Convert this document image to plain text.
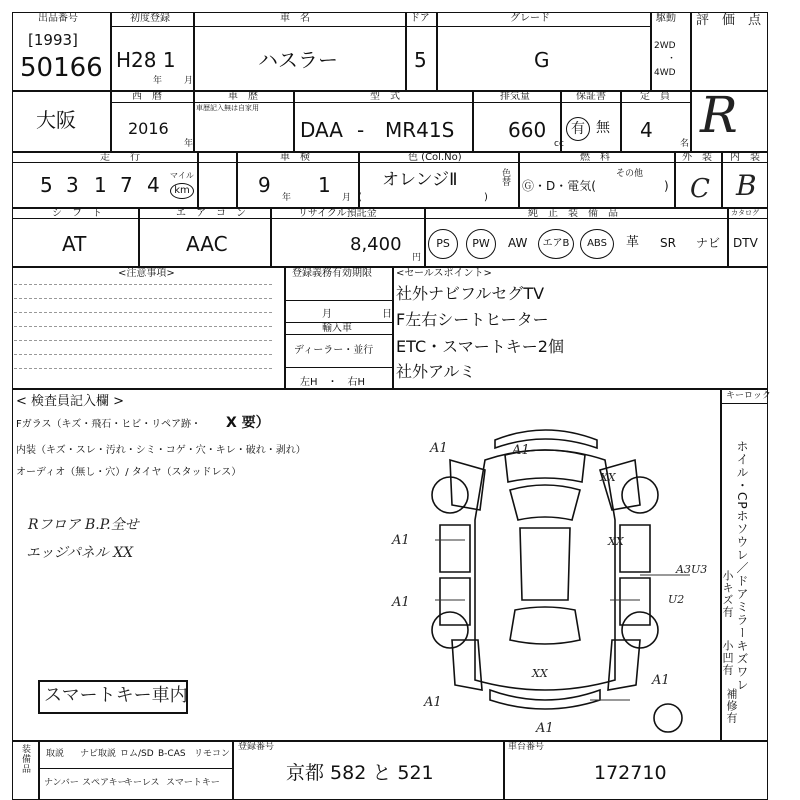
出品番号
[1993]
50166
初度登録
H28 1
年 月
車　名
ハスラー
ドア
5
グレード
G
駆動
2WD
・
4WD
評　価　点
R
大阪
西　暦
2016
年
車　歴
車歴記入無は自家用
型　式
DAA - MR41S
排気量
660
cc
保証書
有 無
定　員
4
名
走　　行
5 3 1 7 4 マイル
km
車　検
9
年
1
月
色 (Col.No)
オレンジⅡ
(	)
色替
燃　料
Ⓖ・D・電気(
その他
)
外　装
C
内　装
B
シ　フ　ト
AT
エ　ア　コ　ン
AAC
リサイクル預託金
8,400
円
純　正　装　備　品	カタログ
PS	PW	AW	エアB	ABS	革 SR ナビ DTV
<注意事項>	登録義務有効期限
月	日
輸入車
ディーラー・並行
左H　・　右H
<セールスポイント>
社外ナビフルセグTV
F左右シートヒーター
ETC・スマートキー2個
社外アルミ
< 検査員記入欄 >
Fガラス（キズ・飛石・ヒビ・リペア跡・ X 要）
内装（キズ・スレ・汚れ・シミ・コゲ・穴・キレ・破れ・剥れ）
オーディオ（無し・穴）/ タイヤ（スタッドレス）
Rフロア B.P.全せ
エッジパネル XX
スマートキー車内
キーロック
ホイル・CPホソウレ／ドアミラーキズワレ
小キズ有
小凹有
補修有
A1
A1
A1
A1
A1
A1
A1
XX
XX
XX
A3U3
U2
装備品 取説 ナビ取説 ロム/SD B-CAS リモコン
ナンバー スペアキー
キーレス スマートキー
登録番号
京都 582 と 521
車台番号
172710
